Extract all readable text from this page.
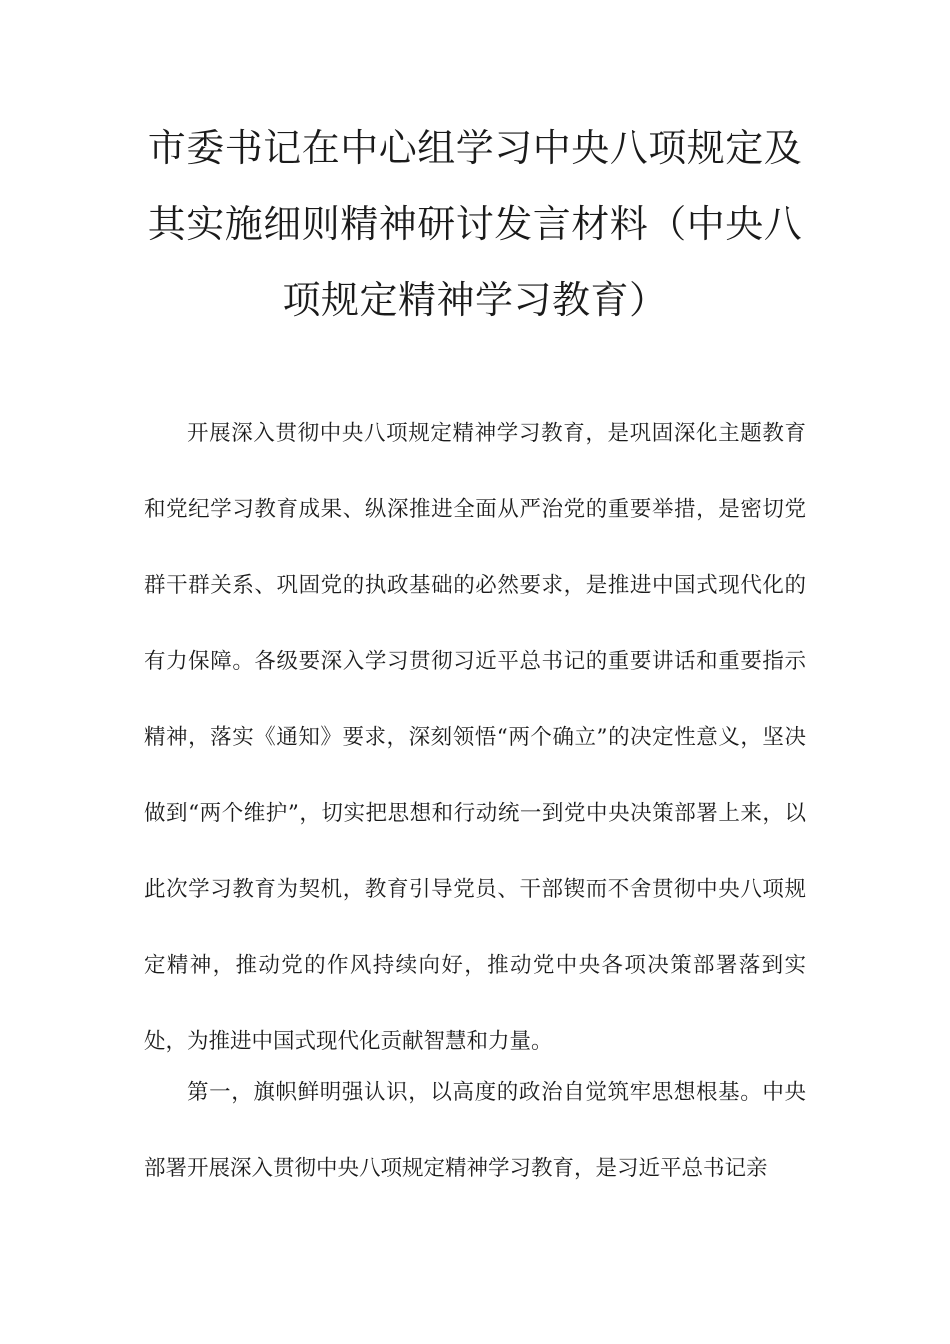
市委书记在中心组学习中央八项规定及其实施细则精神研讨发言材料（中央八项规定精神学习教育）

开展深入贯彻中央八项规定精神学习教育，是巩固深化主题教育和党纪学习教育成果、纵深推进全面从严治党的重要举措，是密切党群干群关系、巩固党的执政基础的必然要求，是推进中国式现代化的有力保障。各级要深入学习贯彻习近平总书记的重要讲话和重要指示精神，落实《通知》要求，深刻领悟“两个确立”的决定性意义，坚决做到“两个维护”，切实把思想和行动统一到党中央决策部署上来，以此次学习教育为契机，教育引导党员、干部锲而不舍贯彻中央八项规定精神，推动党的作风持续向好，推动党中央各项决策部署落到实处，为推进中国式现代化贡献智慧和力量。

第一，旗帜鲜明强认识，以高度的政治自觉筑牢思想根基。中央部署开展深入贯彻中央八项规定精神学习教育，是习近平总书记亲
